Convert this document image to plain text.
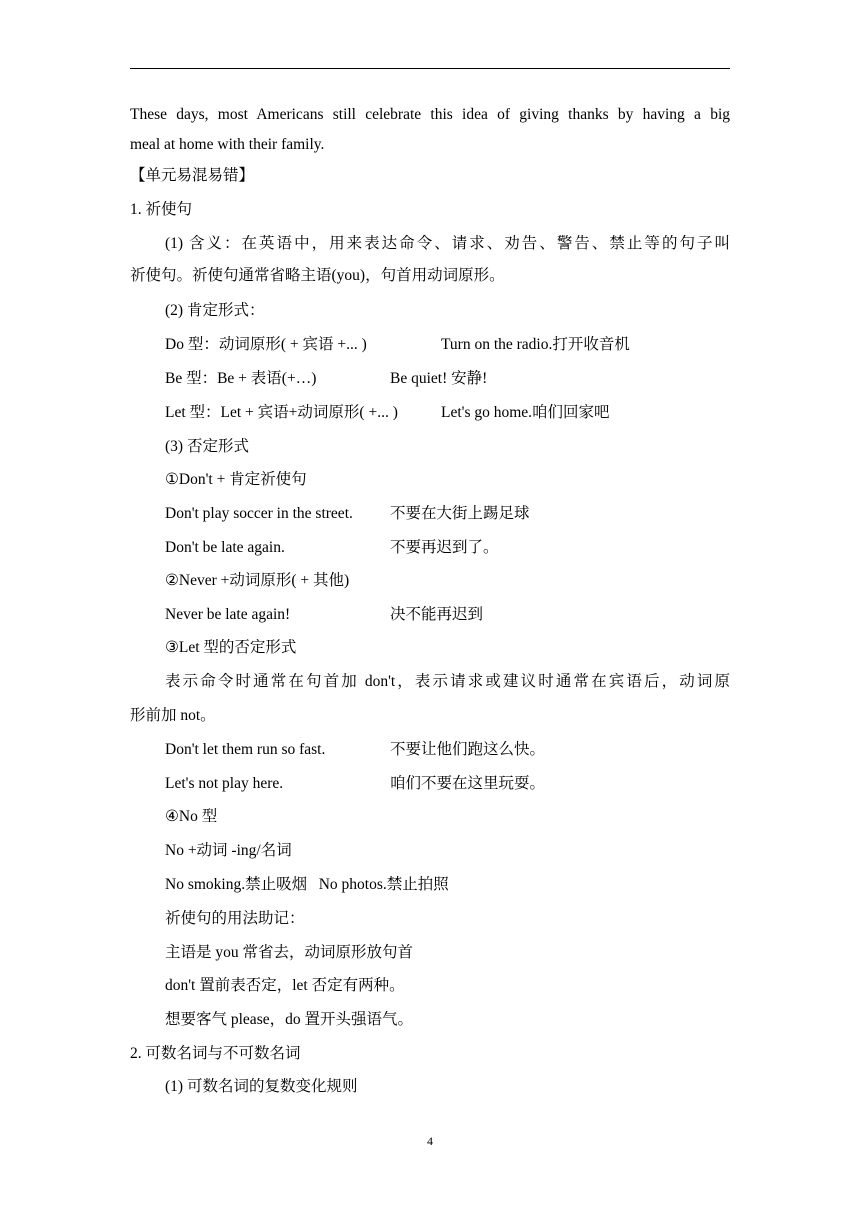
These days, most Americans still celebrate this idea of giving thanks by having a big
meal at home with their family.
【单元易混易错】
1. 祈使句
(1) 含义：在英语中，用来表达命令、请求、劝告、警告、禁止等的句子叫
祈使句。祈使句通常省略主语(you)，句首用动词原形。
(2) 肯定形式：
Do 型：动词原形( + 宾语 +... )	Turn on the radio.打开收音机
Be 型：Be + 表语(+…)	Be quiet! 安静!
Let 型：Let + 宾语+动词原形( +... )	Let's go home.咱们回家吧
(3) 否定形式
①Don't + 肯定祈使句
Don't play soccer in the street. 不要在大街上踢足球
Don't be late again.	不要再迟到了。
②Never +动词原形( + 其他)
Never be late again!	决不能再迟到
③Let 型的否定形式
表示命令时通常在句首加 don't，表示请求或建议时通常在宾语后，动词原
形前加 not。
Don't let them run so fast.	不要让他们跑这么快。
Let's not play here.	咱们不要在这里玩耍。
④No 型
No +动词 -ing/名词
No smoking.禁止吸烟   No photos.禁止拍照
祈使句的用法助记：
主语是 you 常省去，动词原形放句首
don't 置前表否定，let 否定有两种。
想要客气 please，do 置开头强语气。
2. 可数名词与不可数名词
(1) 可数名词的复数变化规则
4
